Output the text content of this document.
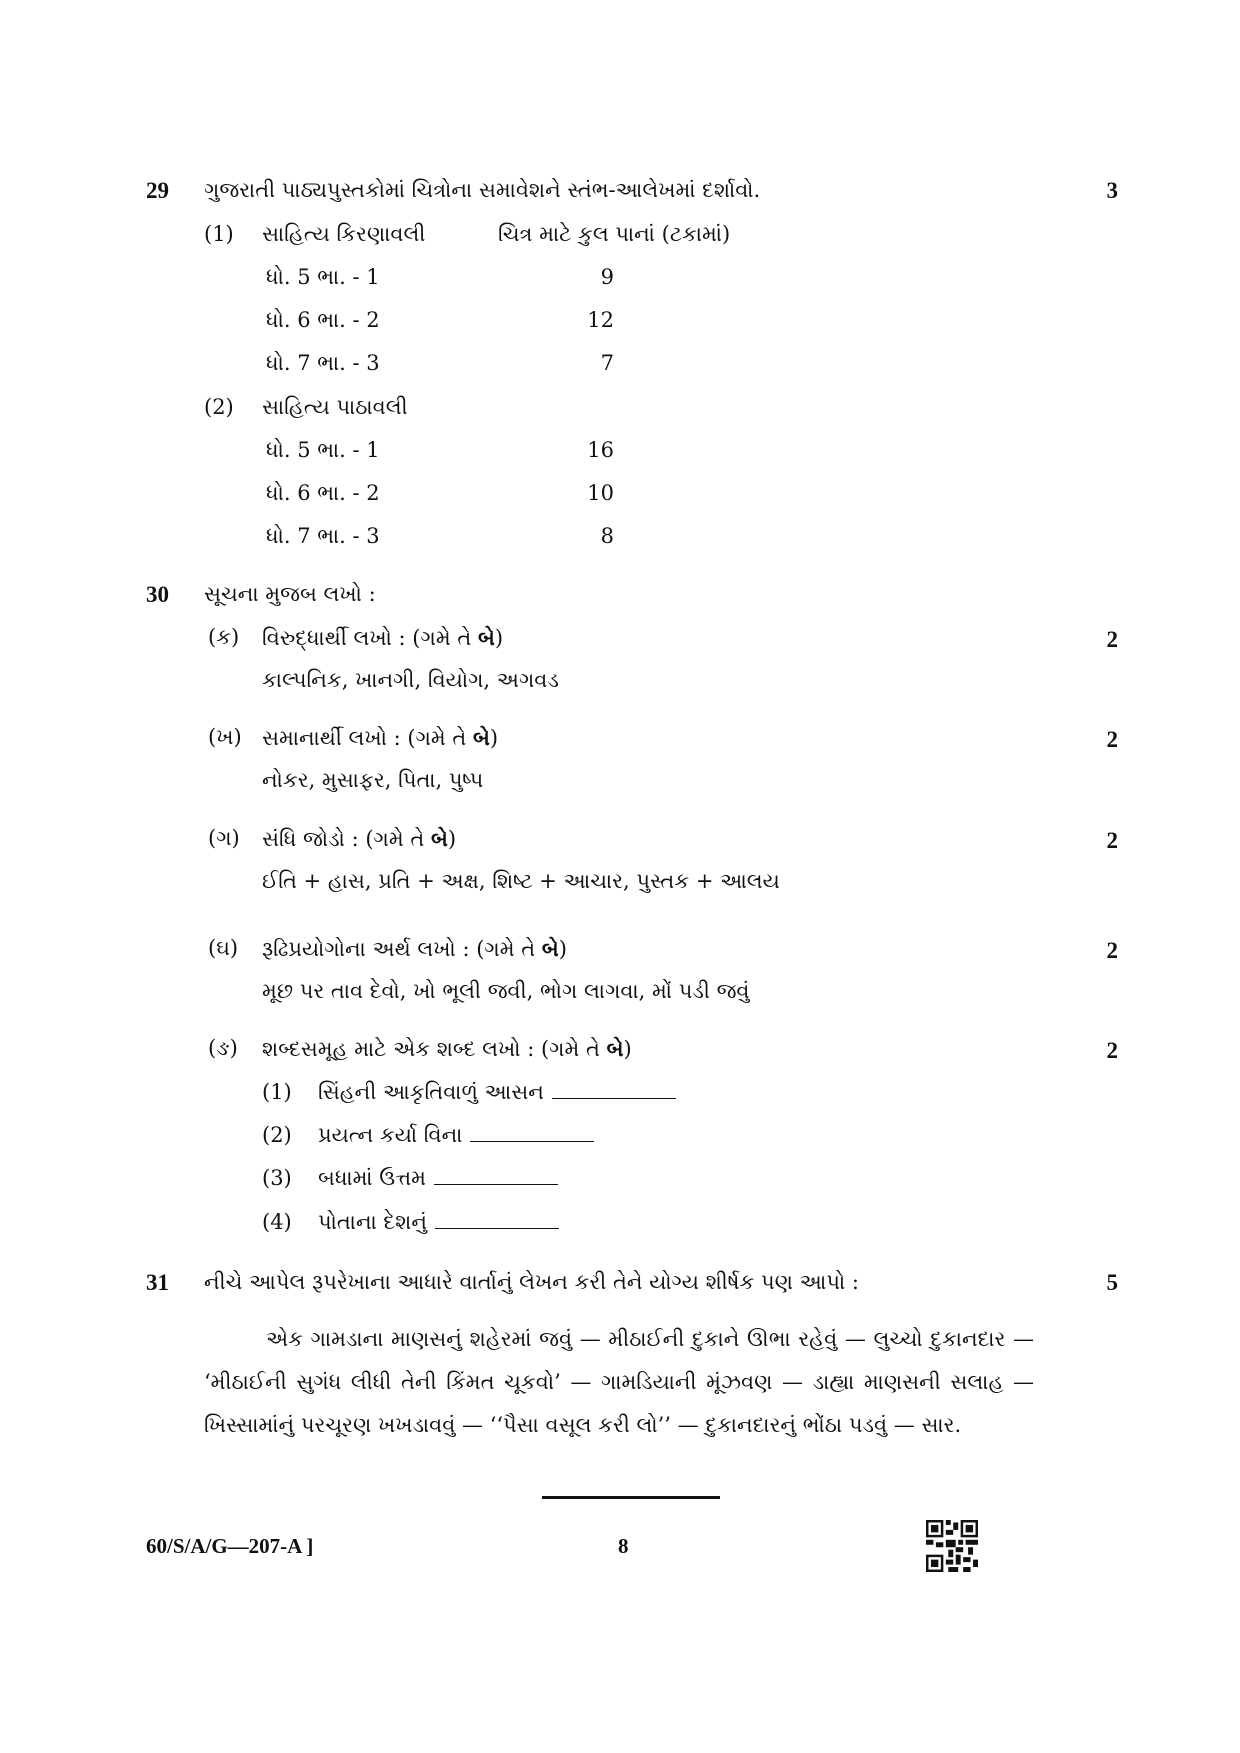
29 ગુજરાતી પાઠ્યપુસ્તકોમાં ચિત્રોના સમાવેશને સ્તંભ-આલેખમાં દર્શાવો.	3
(1) સાહિત્ય કિરણાવલી	ચિત્ર માટે કુલ પાનાં (ટકામાં)
ધો. 5 ભા. - 1	9
ધો. 6 ભા. - 2	12
ધો. 7 ભા. - 3	7
(2) સાહિત્ય પાઠાવલી
ધો. 5 ભા. - 1	16
ધો. 6 ભા. - 2	10
ધો. 7 ભા. - 3	8
30 સૂચના મુજબ લખો :
(ક) વિરુદ્ધાર્થી લખો : (ગમે તે બે)	2
કાલ્પનિક, ખાનગી, વિયોગ, અગવડ
(ખ) સમાનાર્થી લખો : (ગમે તે બે)	2
નોકર, મુસાફર, પિતા, પુષ્પ
(ગ) સંધિ જોડો : (ગમે તે બે)	2
ઈતિ + હાસ, પ્રતિ + અક્ષ, શિષ્ટ + આચાર, પુસ્તક + આલય
(ઘ) રૂઢિપ્રયોગોના અર્થ લખો : (ગમે તે બે)	2
મૂછ પર તાવ દેવો, ખો ભૂલી જવી, ભોગ લાગવા, મોં પડી જવું
(ઙ) શબ્દસમૂહ માટે એક શબ્દ લખો : (ગમે તે બે)	2
(1) સિંહની આકૃતિવાળું આસન
(2) પ્રયત્ન કર્યા વિના
(3) બધામાં ઉત્તમ
(4) પોતાના દેશનું
31 નીચે આપેલ રૂપરેખાના આધારે વાર્તાનું લેખન કરી તેને યોગ્ય શીર્ષક પણ આપો :	5

એક ગામડાના માણસનું શહેરમાં જવું — મીઠાઈની દુકાને ઊભા રહેવું — લુચ્ચો દુકાનદાર — ‘મીઠાઈની સુગંધ લીધી તેની કિંમત ચૂકવો’ — ગામડિયાની મૂંઝવણ — ડાહ્યા માણસની સલાહ — ખિસ્સામાંનું પરચૂરણ ખખડાવવું — ‘‘પૈસા વસૂલ કરી લો’’ — દુકાનદારનું ભોંઠા પડવું — સાર.

60/S/A/G—207-A ]	8
